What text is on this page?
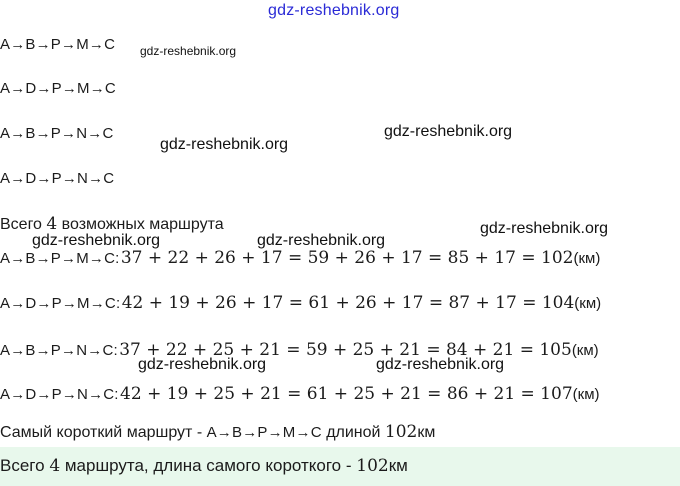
gdz-reshebnik.org
gdz-reshebnik.org
gdz-reshebnik.org
gdz-reshebnik.org
gdz-reshebnik.org
gdz-reshebnik.org	gdz-reshebnik.org
gdz-reshebnik.org	gdz-reshebnik.org
A→B→P→M→C
A→D→P→M→C
A→B→P→N→C
A→D→P→N→C
Всего 4 возможных маршрута
A→B→P→M→C: 37 + 22 + 26 + 17 = 59 + 26 + 17 = 85 + 17 = 102(км)
A→D→P→M→C: 42 + 19 + 26 + 17 = 61 + 26 + 17 = 87 + 17 = 104(км)
A→B→P→N→C: 37 + 22 + 25 + 21 = 59 + 25 + 21 = 84 + 21 = 105(км)
A→D→P→N→C: 42 + 19 + 25 + 21 = 61 + 25 + 21 = 86 + 21 = 107(км)
Самый короткий маршрут - A→B→P→M→C длиной 102км
Всего 4 маршрута, длина самого короткого - 102км
